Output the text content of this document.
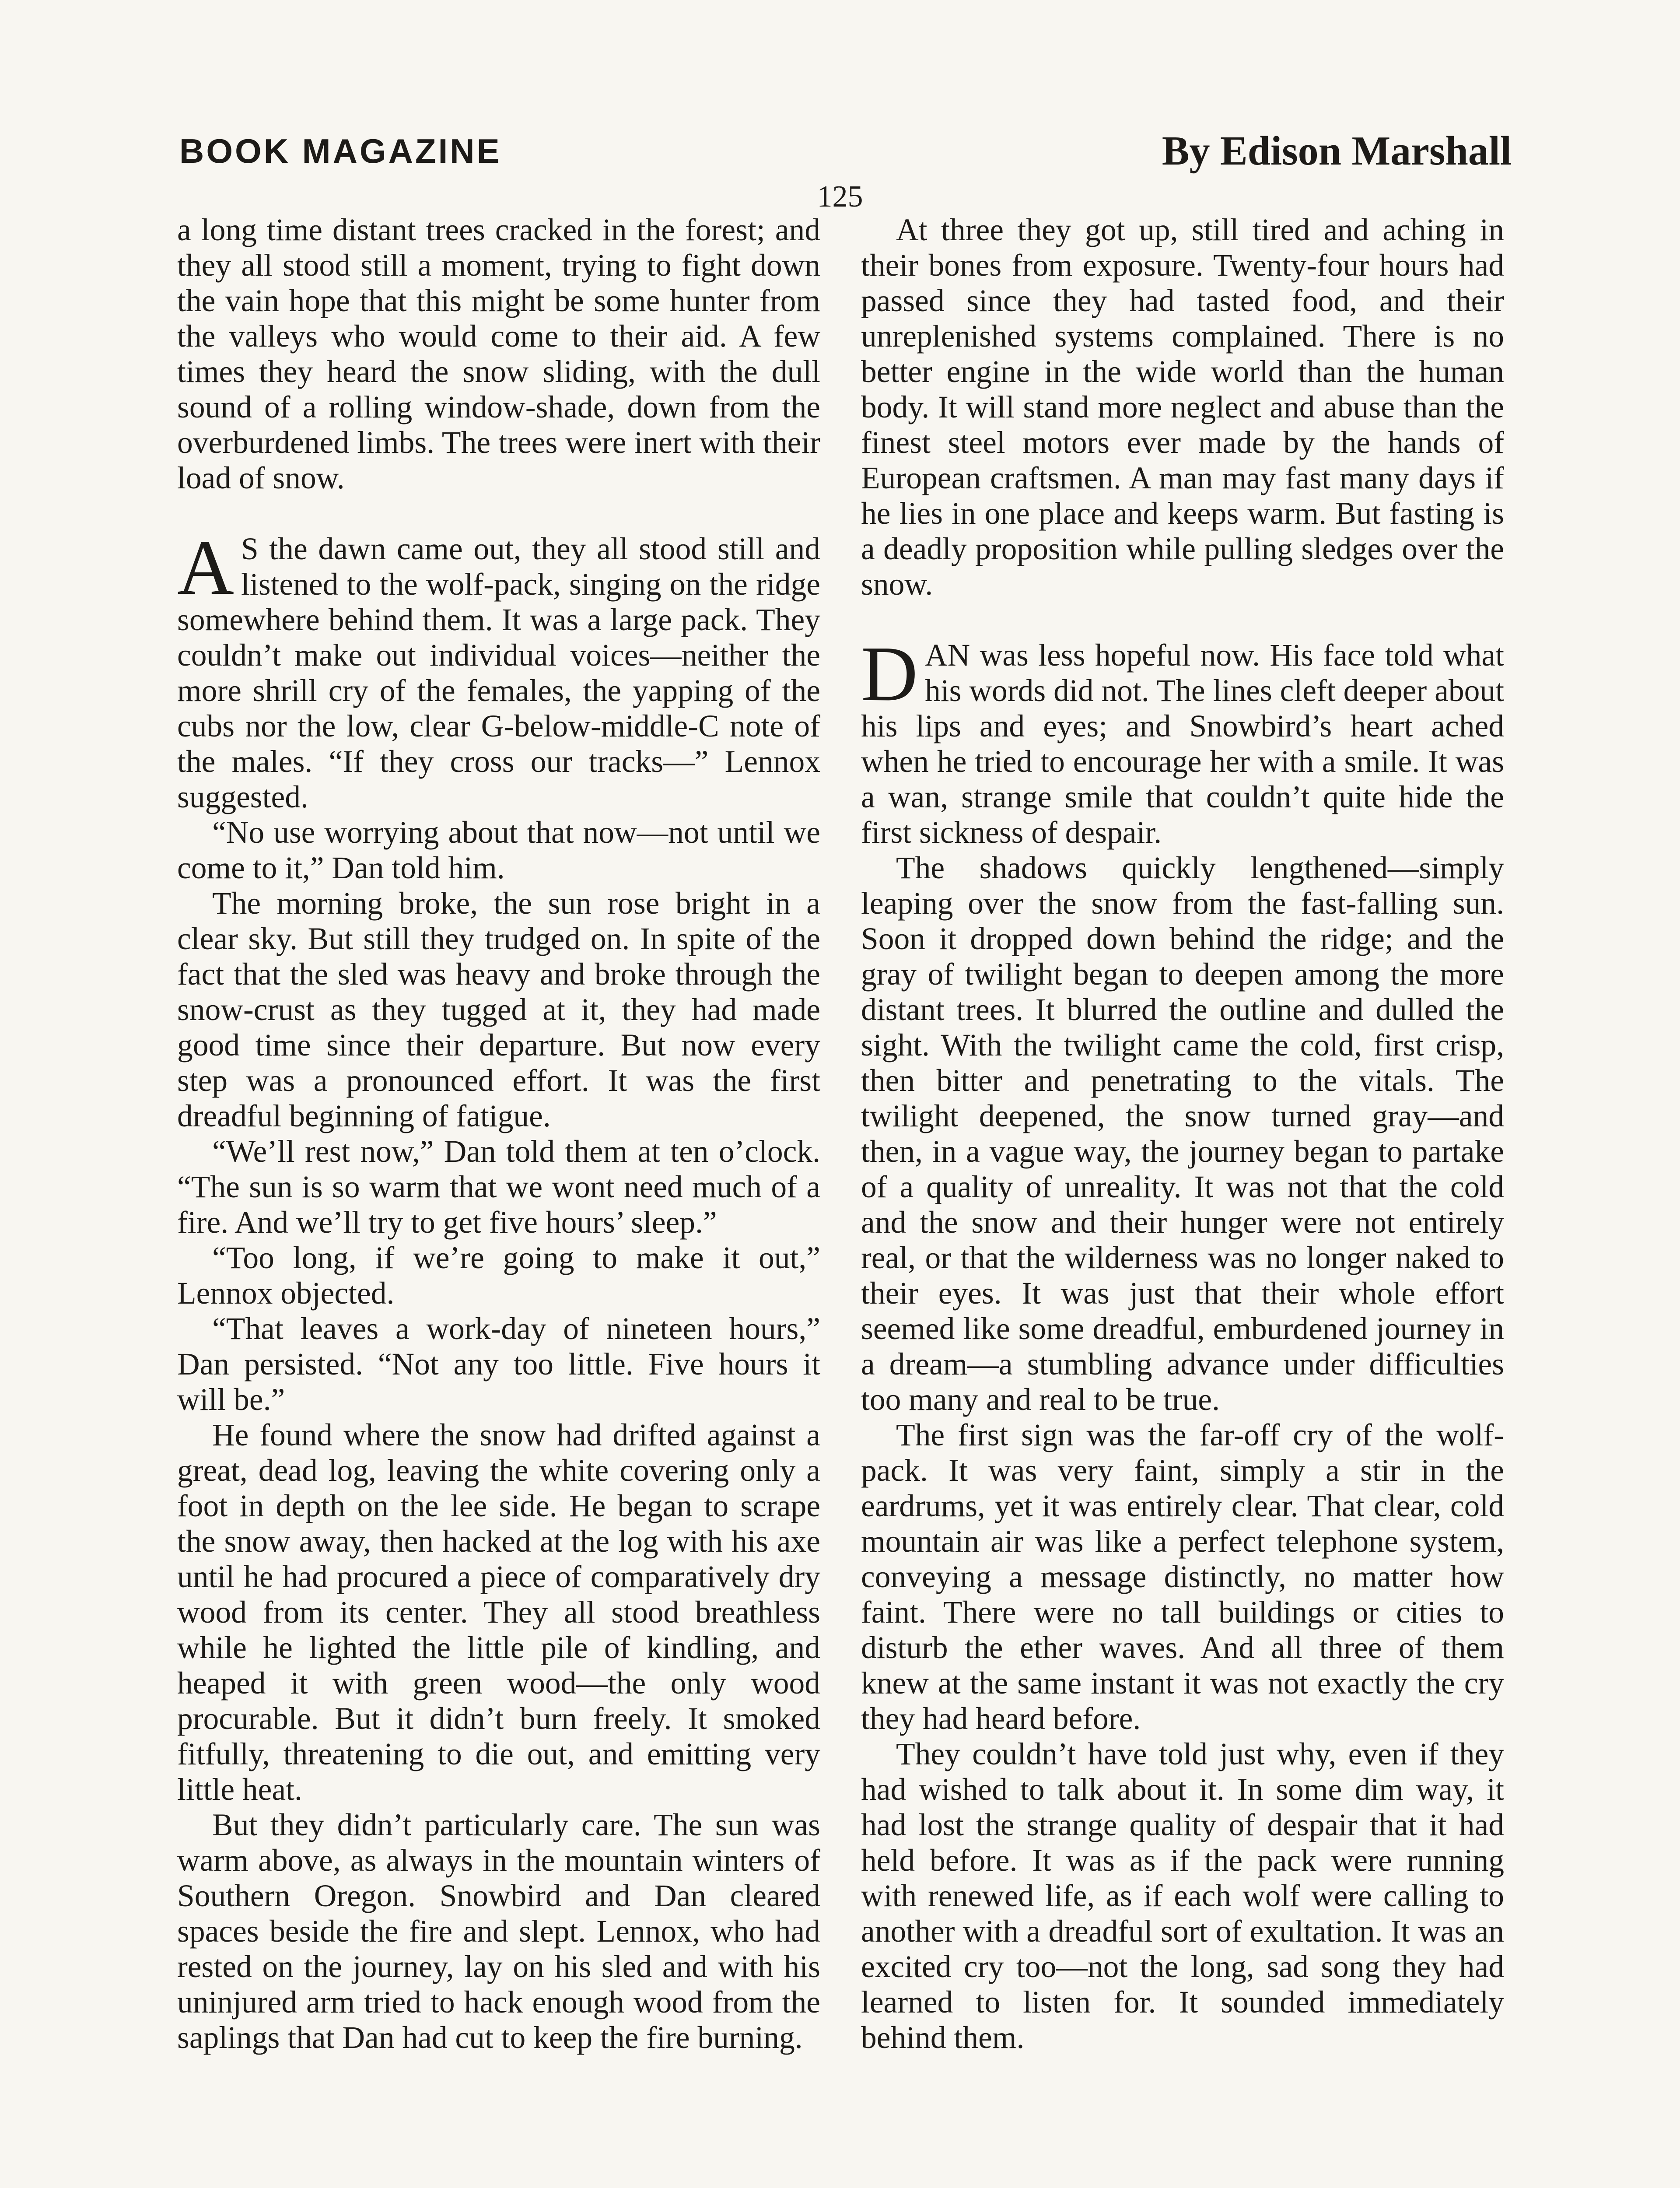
BOOK MAGAZINE	By Edison Marshall
125

a long time distant trees cracked in the forest; and they all stood still a moment, trying to fight down the vain hope that this might be some hunter from the valleys who would come to their aid. A few times they heard the snow sliding, with the dull sound of a rolling window-shade, down from the overburdened limbs. The trees were inert with their load of snow.

A S the dawn came out, they all stood still and listened to the wolf-pack, singing on the ridge somewhere behind them. It was a large pack. They couldn’t make out individual voices—neither the more shrill cry of the females, the yapping of the cubs nor the low, clear G-below-middle-C note of the males. “If they cross our tracks—” Lennox suggested.

“No use worrying about that now—not until we come to it,” Dan told him.

The morning broke, the sun rose bright in a clear sky. But still they trudged on. In spite of the fact that the sled was heavy and broke through the snow-crust as they tugged at it, they had made good time since their departure. But now every step was a pronounced effort. It was the first dreadful beginning of fatigue.

“We’ll rest now,” Dan told them at ten o’clock. “The sun is so warm that we wont need much of a fire. And we’ll try to get five hours’ sleep.”

“Too long, if we’re going to make it out,” Lennox objected.

“That leaves a work-day of nineteen hours,” Dan persisted. “Not any too little. Five hours it will be.”

He found where the snow had drifted against a great, dead log, leaving the white covering only a foot in depth on the lee side. He began to scrape the snow away, then hacked at the log with his axe until he had procured a piece of comparatively dry wood from its center. They all stood breathless while he lighted the little pile of kindling, and heaped it with green wood—the only wood procurable. But it didn’t burn freely. It smoked fitfully, threatening to die out, and emitting very little heat.

But they didn’t particularly care. The sun was warm above, as always in the mountain winters of Southern Oregon. Snowbird and Dan cleared spaces beside the fire and slept. Lennox, who had rested on the journey, lay on his sled and with his uninjured arm tried to hack enough wood from the saplings that Dan had cut to keep the fire burning.

At three they got up, still tired and aching in their bones from exposure. Twenty-four hours had passed since they had tasted food, and their unreplenished systems complained. There is no better engine in the wide world than the human body. It will stand more neglect and abuse than the finest steel motors ever made by the hands of European craftsmen. A man may fast many days if he lies in one place and keeps warm. But fasting is a deadly proposition while pulling sledges over the snow.

DAN was less hopeful now. His face told what his words did not. The lines cleft deeper about his lips and eyes; and Snowbird’s heart ached when he tried to encourage her with a smile. It was a wan, strange smile that couldn’t quite hide the first sickness of despair.

The shadows quickly lengthened—simply leaping over the snow from the fast-falling sun. Soon it dropped down behind the ridge; and the gray of twilight began to deepen among the more distant trees. It blurred the outline and dulled the sight. With the twilight came the cold, first crisp, then bitter and penetrating to the vitals. The twilight deepened, the snow turned gray—and then, in a vague way, the journey began to partake of a quality of unreality. It was not that the cold and the snow and their hunger were not entirely real, or that the wilderness was no longer naked to their eyes. It was just that their whole effort seemed like some dreadful, emburdened journey in a dream—a stumbling advance under difficulties too many and real to be true.

The first sign was the far-off cry of the wolf-pack. It was very faint, simply a stir in the eardrums, yet it was entirely clear. That clear, cold mountain air was like a perfect telephone system, conveying a message distinctly, no matter how faint. There were no tall buildings or cities to disturb the ether waves. And all three of them knew at the same instant it was not exactly the cry they had heard before.

They couldn’t have told just why, even if they had wished to talk about it. In some dim way, it had lost the strange quality of despair that it had held before. It was as if the pack were running with renewed life, as if each wolf were calling to another with a dreadful sort of exultation. It was an excited cry too—not the long, sad song they had learned to listen for. It sounded immediately behind them.
